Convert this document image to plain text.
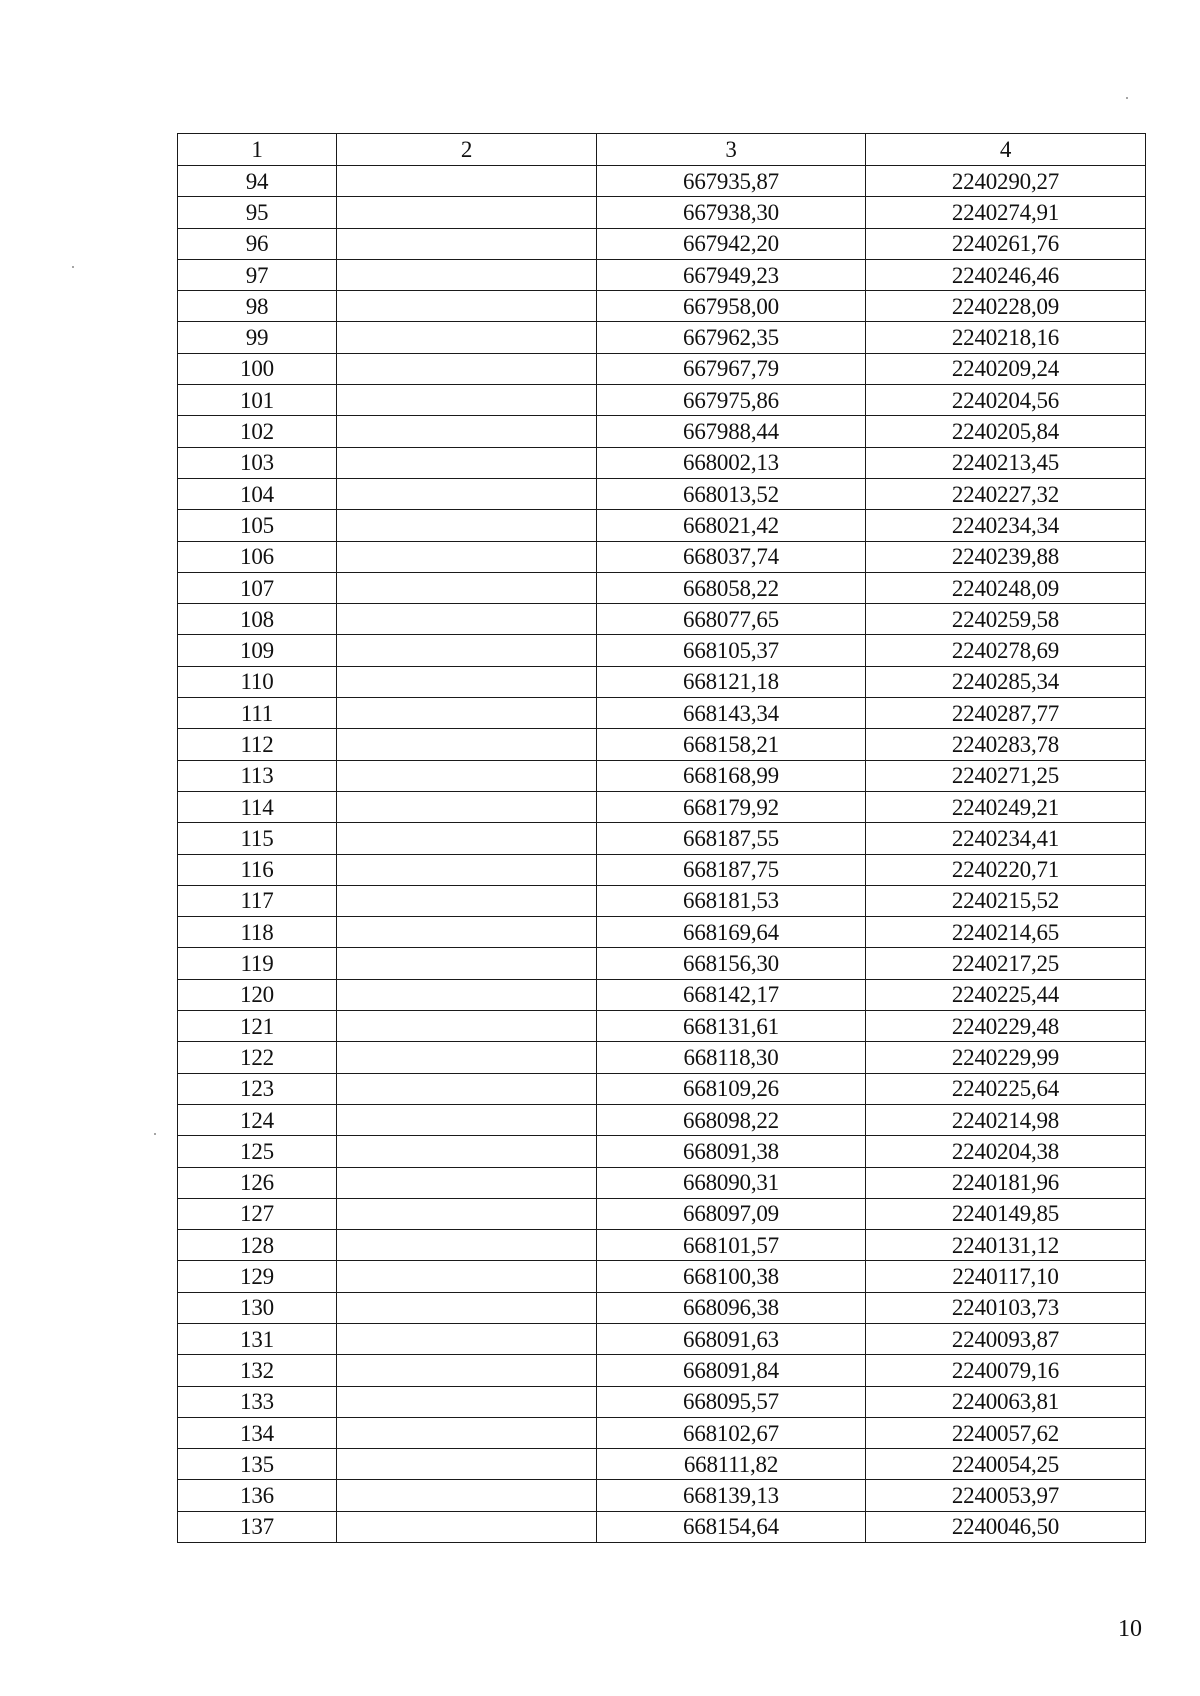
1	2	3	4
94		667935,87	2240290,27
95		667938,30	2240274,91
96		667942,20	2240261,76
97		667949,23	2240246,46
98		667958,00	2240228,09
99		667962,35	2240218,16
100		667967,79	2240209,24
101		667975,86	2240204,56
102		667988,44	2240205,84
103		668002,13	2240213,45
104		668013,52	2240227,32
105		668021,42	2240234,34
106		668037,74	2240239,88
107		668058,22	2240248,09
108		668077,65	2240259,58
109		668105,37	2240278,69
110		668121,18	2240285,34
111		668143,34	2240287,77
112		668158,21	2240283,78
113		668168,99	2240271,25
114		668179,92	2240249,21
115		668187,55	2240234,41
116		668187,75	2240220,71
117		668181,53	2240215,52
118		668169,64	2240214,65
119		668156,30	2240217,25
120		668142,17	2240225,44
121		668131,61	2240229,48
122		668118,30	2240229,99
123		668109,26	2240225,64
124		668098,22	2240214,98
125		668091,38	2240204,38
126		668090,31	2240181,96
127		668097,09	2240149,85
128		668101,57	2240131,12
129		668100,38	2240117,10
130		668096,38	2240103,73
131		668091,63	2240093,87
132		668091,84	2240079,16
133		668095,57	2240063,81
134		668102,67	2240057,62
135		668111,82	2240054,25
136		668139,13	2240053,97
137		668154,64	2240046,50
10
